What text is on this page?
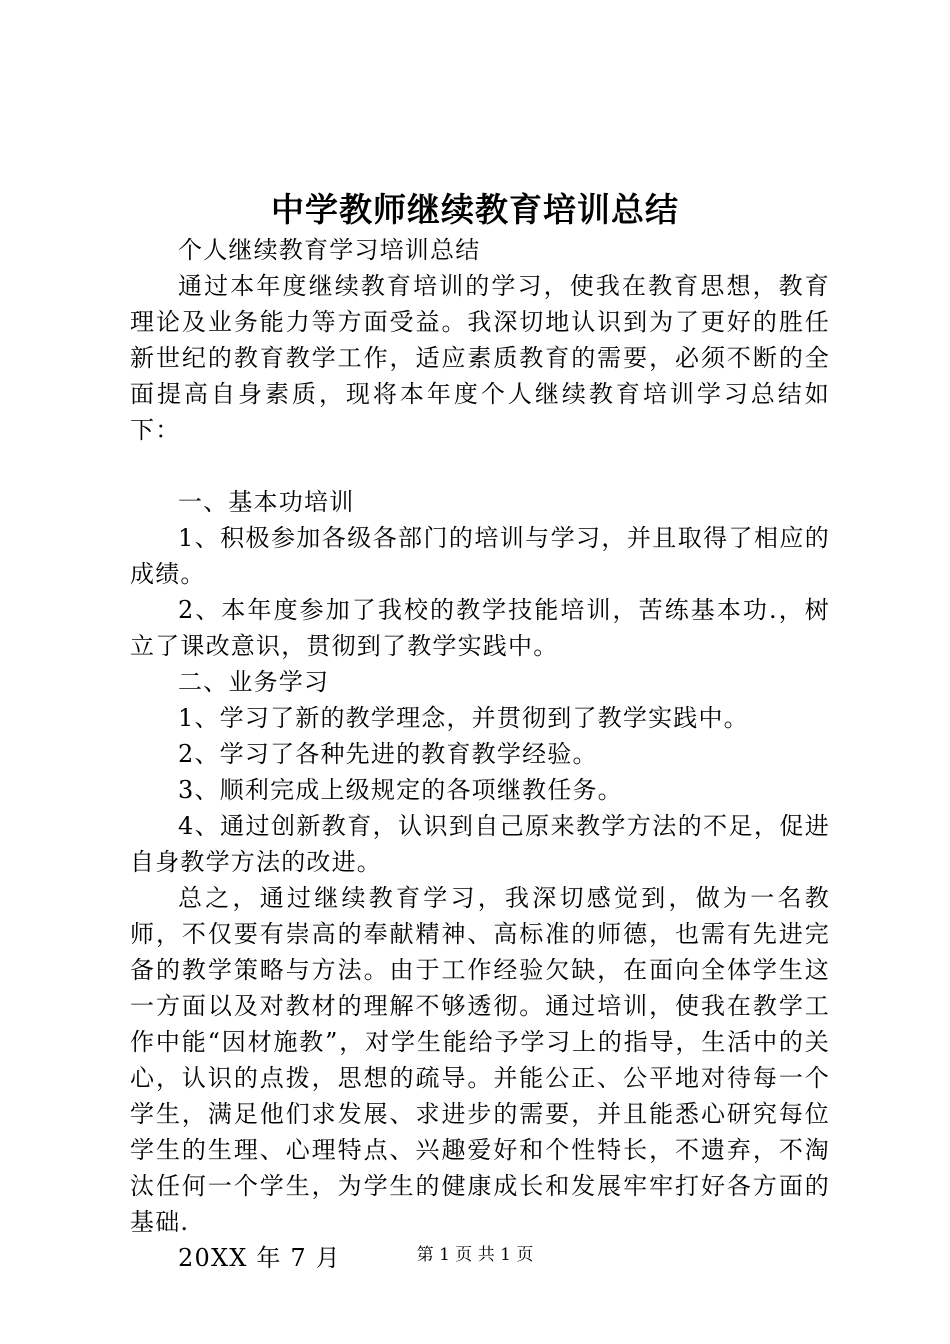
中学教师继续教育培训总结

个人继续教育学习培训总结

通过本年度继续教育培训的学习，使我在教育思想，教育理论及业务能力等方面受益。我深切地认识到为了更好的胜任新世纪的教育教学工作，适应素质教育的需要，必须不断的全面提高自身素质，现将本年度个人继续教育培训学习总结如下：

一、基本功培训

1、积极参加各级各部门的培训与学习，并且取得了相应的成绩。

2、本年度参加了我校的教学技能培训，苦练基本功.，树立了课改意识，贯彻到了教学实践中。

二、业务学习

1、学习了新的教学理念，并贯彻到了教学实践中。

2、学习了各种先进的教育教学经验。

3、顺利完成上级规定的各项继教任务。

4、通过创新教育，认识到自己原来教学方法的不足，促进自身教学方法的改进。

总之，通过继续教育学习，我深切感觉到，做为一名教师，不仅要有崇高的奉献精神、高标准的师德，也需有先进完备的教学策略与方法。由于工作经验欠缺，在面向全体学生这一方面以及对教材的理解不够透彻。通过培训，使我在教学工作中能“因材施教”，对学生能给予学习上的指导，生活中的关心，认识的点拨，思想的疏导。并能公正、公平地对待每一个学生，满足他们求发展、求进步的需要，并且能悉心研究每位学生的生理、心理特点、兴趣爱好和个性特长，不遗弃，不淘汰任何一个学生，为学生的健康成长和发展牢牢打好各方面的基础.

20XX 年 7 月	第 1 页 共 1 页
